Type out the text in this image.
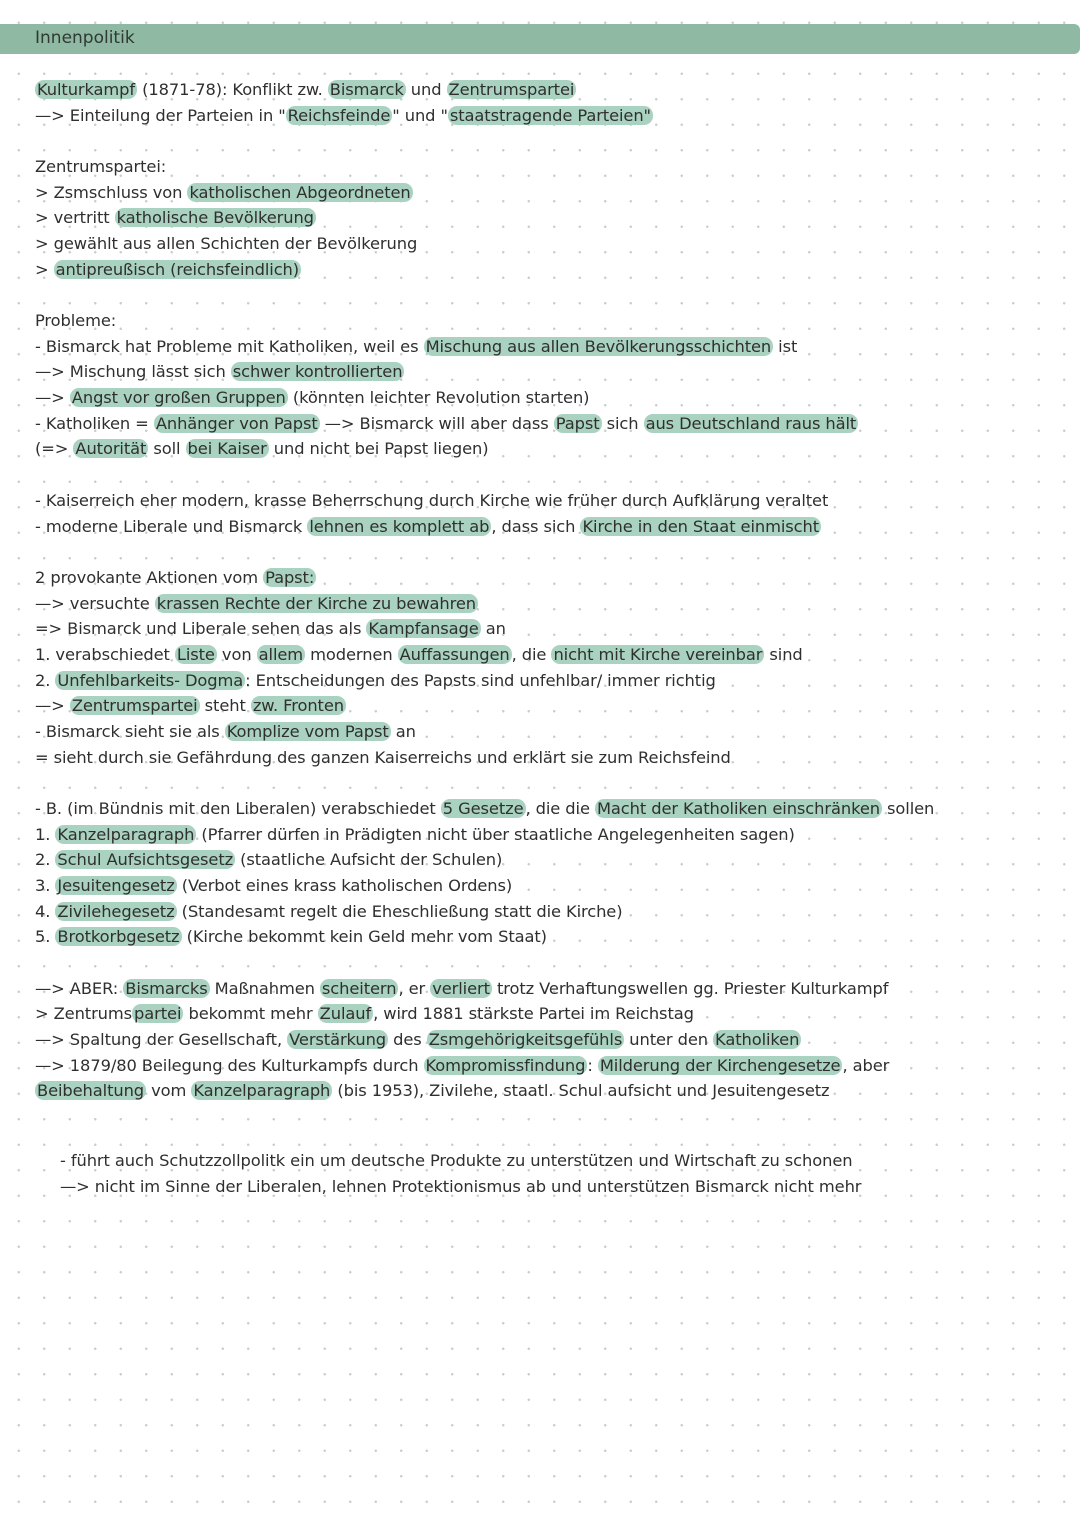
Innenpolitik
Kulturkampf (1871-78): Konflikt zw. Bismarck und Zentrumspartei
—> Einteilung der Parteien in " Reichsfeinde " und " staatstragende Parteien"
Zentrumspartei:
> Zsmschluss von katholischen Abgeordneten
> vertritt katholische Bevölkerung
> gewählt aus allen Schichten der Bevölkerung
> antipreußisch (reichsfeindlich)
Probleme:
- Bismarck hat Probleme mit Katholiken, weil es Mischung aus allen Bevölkerungsschichten ist
—> Mischung lässt sich schwer kontrollierten
—> Angst vor großen Gruppen (könnten leichter Revolution starten)
- Katholiken = Anhänger von Papst —> Bismarck will aber dass Papst sich aus Deutschland raus hält
(=> Autorität soll bei Kaiser und nicht bei Papst liegen)
- Kaiserreich eher modern, krasse Beherrschung durch Kirche wie früher durch Aufklärung veraltet
- moderne Liberale und Bismarck lehnen es komplett ab , dass sich Kirche in den Staat einmischt
2 provokante Aktionen vom Papst:
—> versuchte krassen Rechte der Kirche zu bewahren
=> Bismarck und Liberale sehen das als Kampfansage an
1. verabschiedet Liste von allem modernen Auffassungen , die nicht mit Kirche vereinbar sind
2. Unfehlbarkeits- Dogma : Entscheidungen des Papsts sind unfehlbar/ immer richtig
—> Zentrumspartei steht zw. Fronten
- Bismarck sieht sie als Komplize vom Papst an
= sieht durch sie Gefährdung des ganzen Kaiserreichs und erklärt sie zum Reichsfeind
- B. (im Bündnis mit den Liberalen) verabschiedet 5 Gesetze , die die Macht der Katholiken einschränken sollen
1. Kanzelparagraph (Pfarrer dürfen in Prädigten nicht über staatliche Angelegenheiten sagen)
2. Schul Aufsichtsgesetz (staatliche Aufsicht der Schulen)
3. Jesuitengesetz (Verbot eines krass katholischen Ordens)
4. Zivilehegesetz (Standesamt regelt die Eheschließung statt die Kirche)
5. Brotkorbgesetz (Kirche bekommt kein Geld mehr vom Staat)
—> ABER: Bismarcks Maßnahmen scheitern , er verliert trotz Verhaftungswellen gg. Priester Kulturkampf
> Zentrums partei bekommt mehr Zulauf , wird 1881 stärkste Partei im Reichstag
—> Spaltung der Gesellschaft, Verstärkung des Zsmgehörigkeitsgefühls unter den Katholiken
—> 1879/80 Beilegung des Kulturkampfs durch Kompromissfindung : Milderung der Kirchengesetze , aber
Beibehaltung vom Kanzelparagraph (bis 1953), Zivilehe, staatl. Schul aufsicht und Jesuitengesetz
- führt auch Schutzzollpolitk ein um deutsche Produkte zu unterstützen und Wirtschaft zu schonen
—> nicht im Sinne der Liberalen, lehnen Protektionismus ab und unterstützen Bismarck nicht mehr
